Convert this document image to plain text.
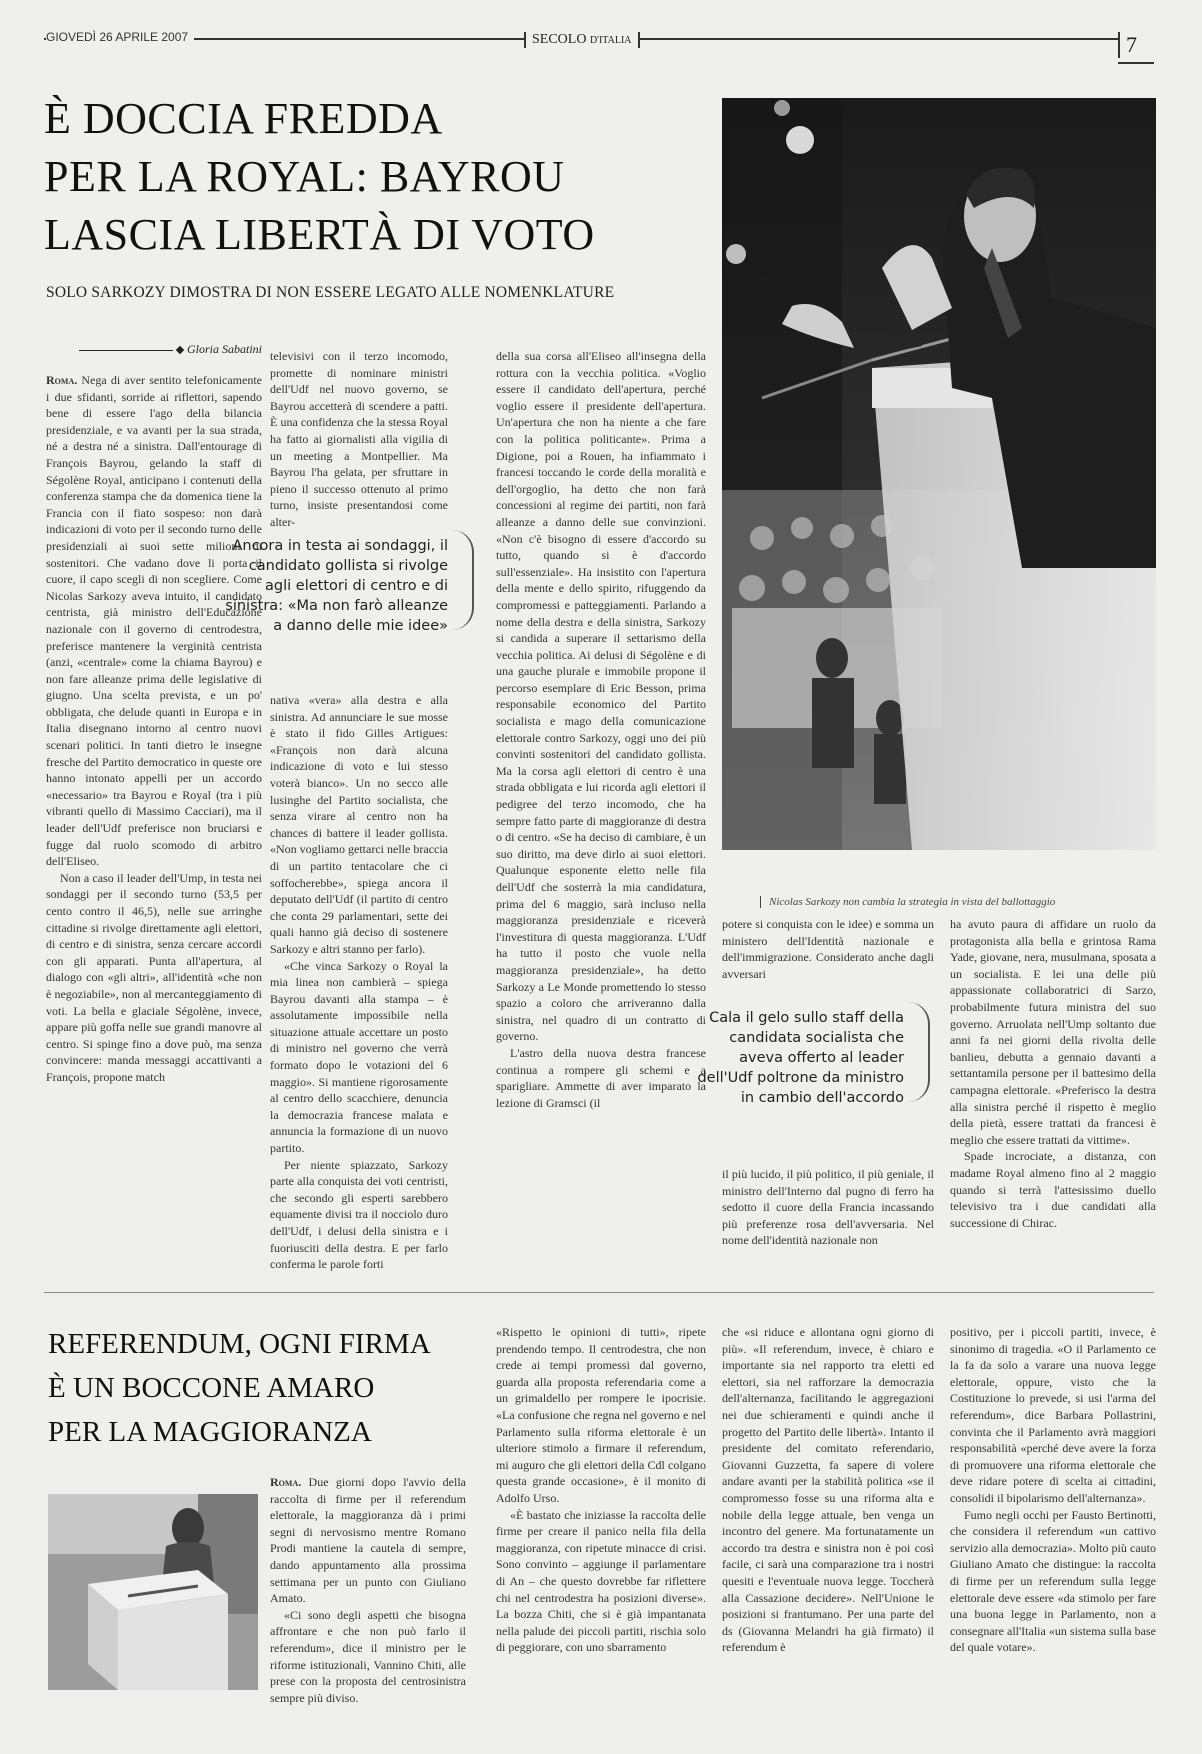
GIOVEDÌ 26 APRILE 2007	SECOLO D'ITALIA	7
È DOCCIA FREDDA
PER LA ROYAL: BAYROU
LASCIA LIBERTÀ DI VOTO
SOLO SARKOZY DIMOSTRA DI NON ESSERE LEGATO ALLE NOMENKLATURE
Gloria Sabatini

Roma. Nega di aver sentito telefonicamente i due sfidanti, sorride ai riflettori, sapendo bene di essere l'ago della bilancia presidenziale, e va avanti per la sua strada, né a destra né a sinistra. Dall'entourage di François Bayrou, gelando la staff di Ségolène Royal, anticipano i contenuti della conferenza stampa che da domenica tiene la Francia con il fiato sospeso: non darà indicazioni di voto per il secondo turno delle presidenziali ai suoi sette milioni di sostenitori. Che vadano dove li porta il cuore, il capo scegli di non scegliere. Come Nicolas Sarkozy aveva intuito, il candidato centrista, già ministro dell'Educazione nazionale con il governo di centrodestra, preferisce mantenere la verginità centrista (anzi, «centrale» come la chiama Bayrou) e non fare alleanze prima delle legislative di giugno. Una scelta prevista, e un po' obbligata, che delude quanti in Europa e in Italia disegnano intorno al centro nuovi scenari politici. In tanti dietro le insegne fresche del Partito democratico in queste ore hanno intonato appelli per un accordo «necessario» tra Bayrou e Royal (tra i più vibranti quello di Massimo Cacciari), ma il leader dell'Udf preferisce non bruciarsi e fugge dal ruolo scomodo di arbitro dell'Eliseo.

Non a caso il leader dell'Ump, in testa nei sondaggi per il secondo turno (53,5 per cento contro il 46,5), nelle sue arringhe cittadine si rivolge direttamente agli elettori, di centro e di sinistra, senza cercare accordi con gli apparati. Punta all'apertura, al dialogo con «gli altri», all'identità «che non è negoziabile», non al mercanteggiamento di voti. La bella e glaciale Ségolène, invece, appare più goffa nelle sue grandi manovre al centro. Si spinge fino a dove può, ma senza convincere: manda messaggi accattivanti a François, propone match

televisivi con il terzo incomodo, promette di nominare ministri dell'Udf nel nuovo governo, se Bayrou accetterà di scendere a patti. È una confidenza che la stessa Royal ha fatto ai giornalisti alla vigilia di un meeting a Montpellier. Ma Bayrou l'ha gelata, per sfruttare in pieno il successo ottenuto al primo turno, insiste presentandosi come alter-

nativa «vera» alla destra e alla sinistra. Ad annunciare le sue mosse è stato il fido Gilles Artigues: «François non darà alcuna indicazione di voto e lui stesso voterà bianco». Un no secco alle lusinghe del Partito socialista, che senza virare al centro non ha chances di battere il leader gollista. «Non vogliamo gettarci nelle braccia di un partito tentacolare che ci soffocherebbe», spiega ancora il deputato dell'Udf (il partito di centro che conta 29 parlamentari, sette dei quali hanno già deciso di sostenere Sarkozy e altri stanno per farlo).

«Che vinca Sarkozy o Royal la mia linea non cambierà – spiega Bayrou davanti alla stampa – è assolutamente impossibile nella situazione attuale accettare un posto di ministro nel governo che verrà formato dopo le votazioni del 6 maggio». Si mantiene rigorosamente al centro dello scacchiere, denuncia la democrazia francese malata e annuncia la formazione di un nuovo partito.

Per niente spiazzato, Sarkozy parte alla conquista dei voti centristi, che secondo gli esperti sarebbero equamente divisi tra il nocciolo duro dell'Udf, i delusi della sinistra e i fuoriusciti della destra. E per farlo conferma le parole forti

Ancora in testa ai sondaggi, il candidato gollista si rivolge agli elettori di centro e di sinistra: «Ma non farò alleanze a danno delle mie idee»

della sua corsa all'Eliseo all'insegna della rottura con la vecchia politica. «Voglio essere il candidato dell'apertura, perché voglio essere il presidente dell'apertura. Un'apertura che non ha niente a che fare con la politica politicante». Prima a Digione, poi a Rouen, ha infiammato i francesi toccando le corde della moralità e dell'orgoglio, ha detto che non farà concessioni al regime dei partiti, non farà alleanze a danno delle sue convinzioni. «Non c'è bisogno di essere d'accordo su tutto, quando si è d'accordo sull'essenziale». Ha insistito con l'apertura della mente e dello spirito, rifuggendo da compromessi e patteggiamenti. Parlando a nome della destra e della sinistra, Sarkozy si candida a superare il settarismo della vecchia politica. Ai delusi di Ségolène e di una gauche plurale e immobile propone il percorso esemplare di Eric Besson, prima responsabile economico del Partito socialista e mago della comunicazione elettorale contro Sarkozy, oggi uno dei più convinti sostenitori del candidato gollista. Ma la corsa agli elettori di centro è una strada obbligata e lui ricorda agli elettori il pedigree del terzo incomodo, che ha sempre fatto parte di maggioranze di destra o di centro. «Se ha deciso di cambiare, è un suo diritto, ma deve dirlo ai suoi elettori. Qualunque esponente eletto nelle fila dell'Udf che sosterrà la mia candidatura, prima del 6 maggio, sarà incluso nella maggioranza presidenziale e riceverà l'investitura di questa maggioranza. L'Udf ha tutto il posto che vuole nella maggioranza presidenziale», ha detto Sarkozy a Le Monde promettendo lo stesso spazio a coloro che arriveranno dalla sinistra, nel quadro di un contratto di governo.

L'astro della nuova destra francese continua a rompere gli schemi e a sparigliare. Ammette di aver imparato la lezione di Gramsci (il

Nicolas Sarkozy non cambia la strategia in vista del ballottaggio

potere si conquista con le idee) e somma un ministero dell'Identità nazionale e dell'immigrazione. Considerato anche dagli avversari

Cala il gelo sullo staff della candidata socialista che aveva offerto al leader dell'Udf poltrone da ministro in cambio dell'accordo

il più lucido, il più politico, il più geniale, il ministro dell'Interno dal pugno di ferro ha sedotto il cuore della Francia incassando più preferenze rosa dell'avversaria. Nel nome dell'identità nazionale non

ha avuto paura di affidare un ruolo da protagonista alla bella e grintosa Rama Yade, giovane, nera, musulmana, sposata a un socialista. E lei una delle più appassionate collaboratrici di Sarzo, probabilmente futura ministra del suo governo. Arruolata nell'Ump soltanto due anni fa nei giorni della rivolta delle banlieu, debutta a gennaio davanti a settantamila persone per il battesimo della campagna elettorale. «Preferisco la destra alla sinistra perché il rispetto è meglio della pietà, essere trattati da francesi è meglio che essere trattati da vittime».

Spade incrociate, a distanza, con madame Royal almeno fino al 2 maggio quando si terrà l'attesissimo duello televisivo tra i due candidati alla successione di Chirac.

REFERENDUM, OGNI FIRMA
È UN BOCCONE AMARO
PER LA MAGGIORANZA

Roma. Due giorni dopo l'avvio della raccolta di firme per il referendum elettorale, la maggioranza dà i primi segni di nervosismo mentre Romano Prodi mantiene la cautela di sempre, dando appuntamento alla prossima settimana per un punto con Giuliano Amato.

«Ci sono degli aspetti che bisogna affrontare e che non può farlo il referendum», dice il ministro per le riforme istituzionali, Vannino Chiti, alle prese con la proposta del centrosinistra sempre più diviso.

«Rispetto le opinioni di tutti», ripete prendendo tempo. Il centrodestra, che non crede ai tempi promessi dal governo, guarda alla proposta referendaria come a un grimaldello per rompere le ipocrisie. «La confusione che regna nel governo e nel Parlamento sulla riforma elettorale è un ulteriore stimolo a firmare il referendum, mi auguro che gli elettori della Cdl colgano questa grande occasione», è il monito di Adolfo Urso.

«È bastato che iniziasse la raccolta delle firme per creare il panico nella fila della maggioranza, con ripetute minacce di crisi. Sono convinto – aggiunge il parlamentare di An – che questo dovrebbe far riflettere chi nel centrodestra ha posizioni diverse». La bozza Chiti, che si è già impantanata nella palude dei piccoli partiti, rischia solo di peggiorare, con uno sbarramento

che «si riduce e allontana ogni giorno di più». «Il referendum, invece, è chiaro e importante sia nel rapporto tra eletti ed elettori, sia nel rafforzare la democrazia dell'alternanza, facilitando le aggregazioni nei due schieramenti e quindi anche il progetto del Partito delle libertà». Intanto il presidente del comitato referendario, Giovanni Guzzetta, fa sapere di volere andare avanti per la stabilità politica «se il compromesso fosse su una riforma alta e nobile della legge attuale, ben venga un incontro del genere. Ma fortunatamente un accordo tra destra e sinistra non è poi così facile, ci sarà una comparazione tra i nostri quesiti e l'eventuale nuova legge. Toccherà alla Cassazione decidere». Nell'Unione le posizioni si frantumano. Per una parte del ds (Giovanna Melandri ha già firmato) il referendum è

positivo, per i piccoli partiti, invece, è sinonimo di tragedia. «O il Parlamento ce la fa da solo a varare una nuova legge elettorale, oppure, visto che la Costituzione lo prevede, si usi l'arma del referendum», dice Barbara Pollastrini, convinta che il Parlamento avrà maggiori responsabilità «perché deve avere la forza di promuovere una riforma elettorale che deve ridare potere di scelta ai cittadini, consolidi il bipolarismo dell'alternanza».

Fumo negli occhi per Fausto Bertinotti, che considera il referendum «un cattivo servizio alla democrazia». Molto più cauto Giuliano Amato che distingue: la raccolta di firme per un referendum sulla legge elettorale deve essere «da stimolo per fare una buona legge in Parlamento, non a consegnare all'Italia «un sistema sulla base del quale votare».
